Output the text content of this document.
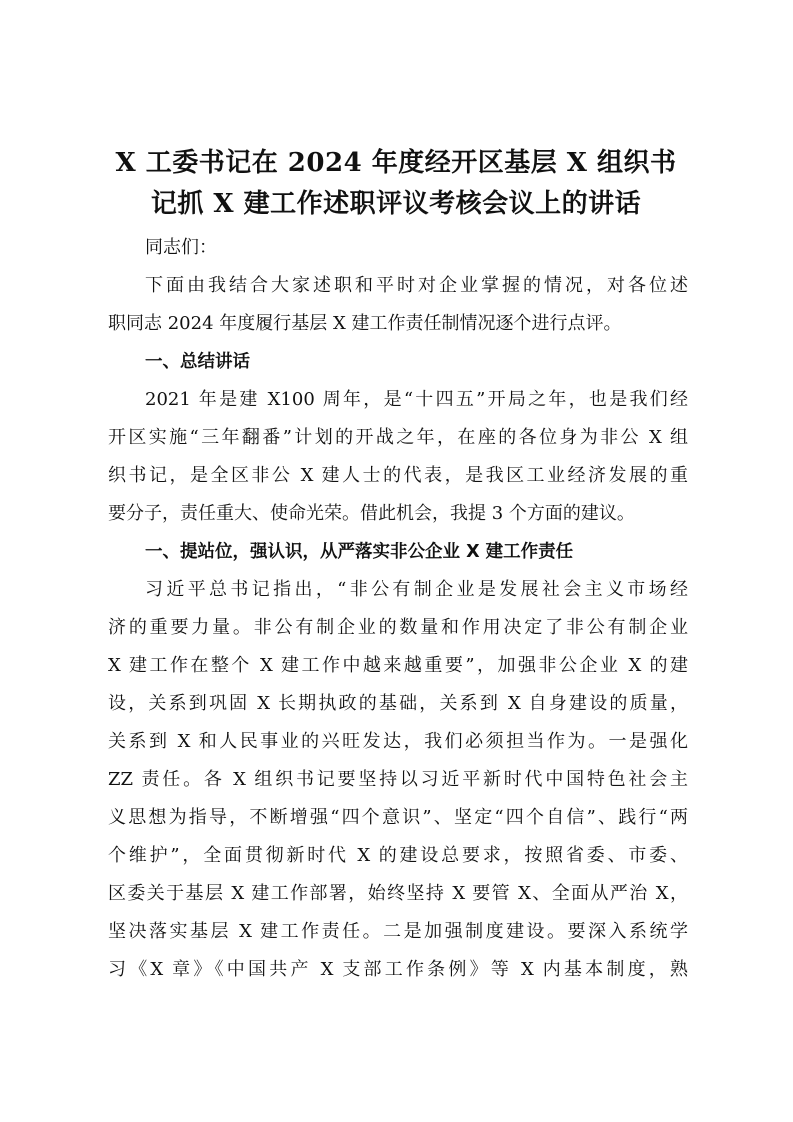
X 工委书记在 2024 年度经开区基层 X 组织书
记抓 X 建工作述职评议考核会议上的讲话
同志们：
下面由我结合大家述职和平时对企业掌握的情况，对各位述
职同志 2024 年度履行基层 X 建工作责任制情况逐个进行点评。
一、总结讲话
2021 年是建 X100 周年，是“十四五”开局之年，也是我们经
开区实施“三年翻番”计划的开战之年，在座的各位身为非公 X 组
织书记，是全区非公 X 建人士的代表，是我区工业经济发展的重
要分子，责任重大、使命光荣。借此机会，我提 3 个方面的建议。
一、提站位，强认识，从严落实非公企业 X 建工作责任
习近平总书记指出，“非公有制企业是发展社会主义市场经
济的重要力量。非公有制企业的数量和作用决定了非公有制企业
X 建工作在整个 X 建工作中越来越重要”，加强非公企业 X 的建
设，关系到巩固 X 长期执政的基础，关系到 X 自身建设的质量，
关系到 X 和人民事业的兴旺发达，我们必须担当作为。一是强化
ZZ 责任。各 X 组织书记要坚持以习近平新时代中国特色社会主
义思想为指导，不断增强“四个意识”、坚定“四个自信”、践行“两
个维护”，全面贯彻新时代 X 的建设总要求，按照省委、市委、
区委关于基层 X 建工作部署，始终坚持 X 要管 X、全面从严治 X，
坚决落实基层 X 建工作责任。二是加强制度建设。要深入系统学
习《X 章》《中国共产 X 支部工作条例》等 X 内基本制度，熟
